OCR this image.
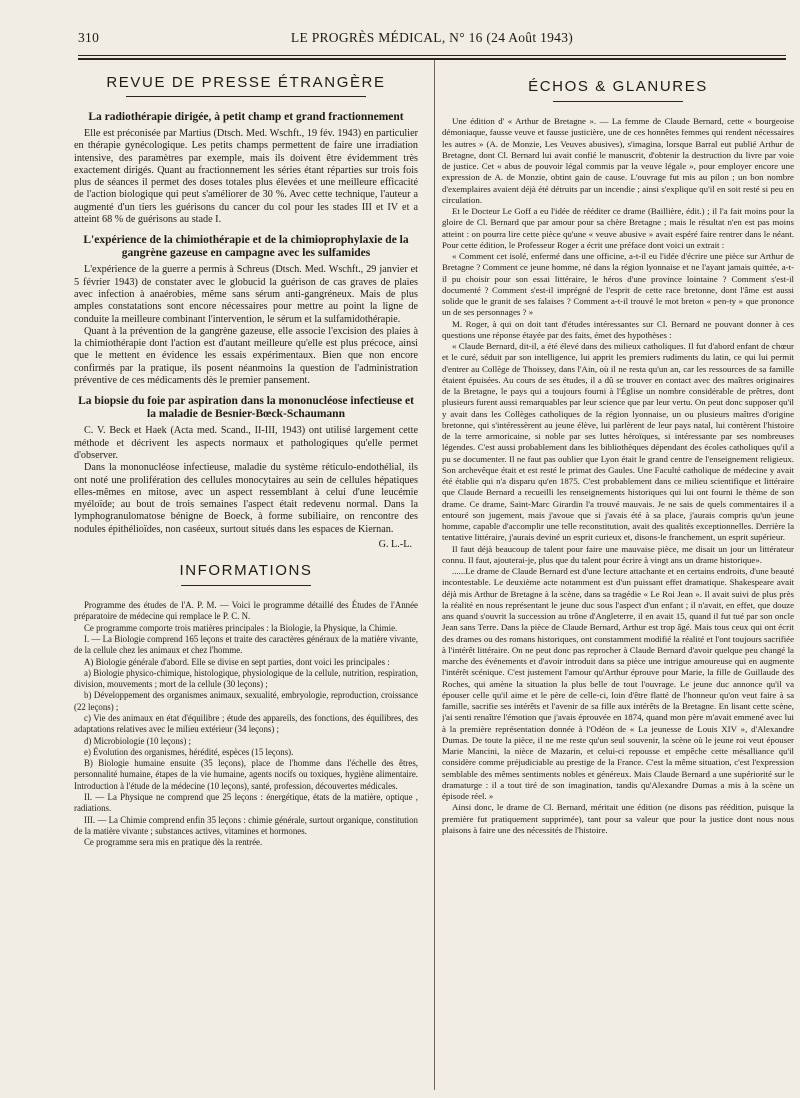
310	LE PROGRÈS MÉDICAL, N° 16 (24 Août 1943)
REVUE DE PRESSE ÉTRANGÈRE
La radiothérapie dirigée, à petit champ et grand fractionnement

Elle est préconisée par Martius (Dtsch. Med. Wschft., 19 fév. 1943) en particulier en thérapie gynécologique. Les petits champs permettent de faire une irradiation intensive, des paramètres par exemple, mais ils doivent être évidemment très exactement dirigés. Quant au fractionnement les séries étant réparties sur trois fois plus de séances il permet des doses totales plus élevées et une meilleure efficacité de l'action biologique qui peut s'améliorer de 30 %. Avec cette technique, l'auteur a augmenté d'un tiers les guérisons du cancer du col pour les stades III et IV et a atteint 68 % de guérisons au stade I.

L'expérience de la chimiothérapie et de la chimioprophylaxie de la gangrène gazeuse en campagne avec les sulfamides

L'expérience de la guerre a permis à Schreus (Dtsch. Med. Wschft., 29 janvier et 5 février 1943) de constater avec le globucid la guérison de cas graves de plaies avec infection à anaérobies, même sans sérum anti-gangréneux. Mais de plus amples constatations sont encore nécessaires pour mettre au point la ligne de conduite la meilleure combinant l'intervention, le sérum et la sulfamidothérapie.

Quant à la prévention de la gangrène gazeuse, elle associe l'excision des plaies à la chimiothérapie dont l'action est d'autant meilleure qu'elle est plus précoce, ainsi que le mettent en évidence les essais expérimentaux. Bien que non encore confirmés par la pratique, ils posent néanmoins la question de l'administration préventive de ces médicaments dès le premier pansement.

La biopsie du foie par aspiration dans la mononucléose infectieuse et la maladie de Besnier-Bœck-Schaumann

C. V. Beck et Haek (Acta med. Scand., II-III, 1943) ont utilisé largement cette méthode et décrivent les aspects normaux et pathologiques qu'elle permet d'observer.

Dans la mononucléose infectieuse, maladie du système réticulo-endothélial, ils ont noté une prolifération des cellules monocytaires au sein de cellules hépatiques elles-mêmes en mitose, avec un aspect ressemblant à celui d'une leucémie myéloïde; au bout de trois semaines l'aspect était redevenu normal. Dans la lymphogranulomatose bénigne de Boeck, à forme subiliaire, on rencontre des nodules épithélioïdes, non caséeux, surtout situés dans les espaces de Kiernan.

G. L.-L.
INFORMATIONS

Programme des études de l'A. P. M. — Voici le programme détaillé des Études de l'Année préparatoire de médecine qui remplace le P. C. N.

Ce programme comporte trois matières principales : la Biologie, la Physique, la Chimie.

I. — La Biologie comprend 165 leçons et traite des caractères généraux de la matière vivante, de la cellule chez les animaux et chez l'homme.

A) Biologie générale d'abord. Elle se divise en sept parties, dont voici les principales :

a) Biologie physico-chimique, histologique, physiologique de la cellule, nutrition, respiration, division, mouvements ; mort de la cellule (30 leçons) ;

b) Développement des organismes animaux, sexualité, embryologie, reproduction, croissance (22 leçons) ;

c) Vie des animaux en état d'équilibre ; étude des appareils, des fonctions, des équilibres, des adaptations relatives avec le milieu extérieur (34 leçons) ;

d) Microbiologie (10 leçons) ;

e) Évolution des organismes, hérédité, espèces (15 leçons).

B) Biologie humaine ensuite (35 leçons), place de l'homme dans l'échelle des êtres, personnalité humaine, étapes de la vie humaine, agents nocifs ou toxiques, hygiène alimentaire. Introduction à l'étude de la médecine (10 leçons), santé, profession, découvertes médicales.

II. — La Physique ne comprend que 25 leçons : énergétique, états de la matière, optique , radiations.

III. — La Chimie comprend enfin 35 leçons : chimie générale, surtout organique, constitution de la matière vivante ; substances actives, vitamines et hormones.

Ce programme sera mis en pratique dès la rentrée.

ÉCHOS & GLANURES

Une édition d' « Arthur de Bretagne ». — La femme de Claude Bernard, cette « bourgeoise démoniaque, fausse veuve et fausse justicière, une de ces honnêtes femmes qui rendent nécessaires les autres » (A. de Monzie, Les Veuves abusives), s'imagina, lorsque Barral eut publié Arthur de Bretagne, dont Cl. Bernard lui avait confié le manuscrit, d'obtenir la destruction du livre par voie de justice. Cet « abus de pouvoir légal commis par la veuve légale », pour employer encore une expression de A. de Monzie, obtint gain de cause. L'ouvrage fut mis au pilon ; un bon nombre d'exemplaires avaient déjà été détruits par un incendie ; ainsi s'explique qu'il en soit resté si peu en circulation.

Et le Docteur Le Goff a eu l'idée de rééditer ce drame (Baillière, édit.) ; il l'a fait moins pour la gloire de Cl. Bernard que par amour pour sa chère Bretagne ; mais le résultat n'en est pas moins atteint : on pourra lire cette pièce qu'une « veuve abusive » avait espéré faire rentrer dans le néant. Pour cette édition, le Professeur Roger a écrit une préface dont voici un extrait :

« Comment cet isolé, enfermé dans une officine, a-t-il eu l'idée d'écrire une pièce sur Arthur de Bretagne ? Comment ce jeune homme, né dans la région lyonnaise et ne l'ayant jamais quittée, a-t-il pu choisir pour son essai littéraire, le héros d'une province lointaine ? Comment s'est-il documenté ? Comment s'est-il imprégné de l'esprit de cette race bretonne, dont l'âme est aussi solide que le granit de ses falaises ? Comment a-t-il trouvé le mot breton « pen-ty » que prononce un de ses personnages ? »

M. Roger, à qui on doit tant d'études intéressantes sur Cl. Bernard ne pouvant donner à ces questions une réponse étayée par des faits, émet des hypothèses :

« Claude Bernard, dit-il, a été élevé dans des milieux catholiques. Il fut d'abord enfant de chœur et le curé, séduit par son intelligence, lui apprit les premiers rudiments du latin, ce qui lui permit d'entrer au Collège de Thoissey, dans l'Ain, où il ne resta qu'un an, car les ressources de sa famille étaient épuisées. Au cours de ses études, il a dû se trouver en contact avec des maîtres originaires de la Bretagne, le pays qui a toujours fourni à l'Église un nombre considérable de prêtres, dont plusieurs furent aussi remarquables par leur science que par leur vertu. On peut donc supposer qu'il y avait dans les Collèges catholiques de la région lyonnaise, un ou plusieurs maîtres d'origine bretonne, qui s'intéressèrent au jeune élève, lui parlèrent de leur pays natal, lui contèrent l'histoire de la terre armoricaine, si noble par ses luttes héroïques, si intéressante par ses nombreuses légendes. C'est aussi probablement dans les bibliothèques dépendant des écoles catholiques qu'il a pu se documenter. Il ne faut pas oublier que Lyon était le grand centre de l'enseignement religieux. Son archevêque était et est resté le primat des Gaules. Une Faculté catholique de médecine y avait été établie qui n'a disparu qu'en 1875. C'est probablement dans ce milieu scientifique et littéraire que Claude Bernard a recueilli les renseignements historiques qui lui ont fourni le thème de son drame. Ce drame, Saint-Marc Girardin l'a trouvé mauvais. Je ne sais de quels commentaires il a entouré son jugement, mais j'avoue que si j'avais été à sa place, j'aurais compris qu'un jeune homme, capable d'accomplir une telle reconstitution, avait des qualités exceptionnelles. Derrière la tentative littéraire, j'aurais deviné un esprit curieux et, disons-le franchement, un esprit supérieur.

Il faut déjà beaucoup de talent pour faire une mauvaise pièce, me disait un jour un littérateur connu. Il faut, ajouterai-je, plus que du talent pour écrire à vingt ans un drame historique».

......Le drame de Claude Bernard est d'une lecture attachante et en certains endroits, d'une beauté incontestable. Le deuxième acte notamment est d'un puissant effet dramatique. Shakespeare avait déjà mis Arthur de Bretagne à la scène, dans sa tragédie « Le Roi Jean ». Il avait suivi de plus près la réalité en nous représentant le jeune duc sous l'aspect d'un enfant ; il n'avait, en effet, que douze ans quand s'ouvrit la succession au trône d'Angleterre, il en avait 15, quand il fut tué par son oncle Jean sans Terre. Dans la pièce de Claude Bernard, Arthur est trop âgé. Mais tous ceux qui ont écrit des drames ou des romans historiques, ont constamment modifié la réalité et l'ont toujours sacrifiée à l'intérêt littéraire. On ne peut donc pas reprocher à Claude Bernard d'avoir quelque peu changé la marche des événements et d'avoir introduit dans sa pièce une intrigue amoureuse qui en augmente l'intérêt scénique. C'est justement l'amour qu'Arthur éprouve pour Marie, la fille de Guillaude des Roches, qui amène la situation la plus belle de tout l'ouvrage. Le jeune duc annonce qu'il va épouser celle qu'il aime et le père de celle-ci, loin d'être flatté de l'honneur qu'on veut faire à sa famille, sacrifie ses intérêts et l'avenir de sa fille aux intérêts de la Bretagne. En lisant cette scène, j'ai senti renaître l'émotion que j'avais éprouvée en 1874, quand mon père m'avait emmené avec lui à la première représentation donnée à l'Odéon de « La jeunesse de Louis XIV », d'Alexandre Dumas. De toute la pièce, il ne me reste qu'un seul souvenir, la scène où le jeune roi veut épouser Marie Mancini, la nièce de Mazarin, et celui-ci repousse et empêche cette mésalliance qu'il considère comme préjudiciable au prestige de la France. C'est la même situation, c'est l'expression semblable des mêmes sentiments nobles et généreux. Mais Claude Bernard a une supériorité sur le dramaturge : il a tout tiré de son imagination, tandis qu'Alexandre Dumas a mis à la scène un épisode réel. »

Ainsi donc, le drame de Cl. Bernard, méritait une édition (ne disons pas réédition, puisque la première fut pratiquement supprimée), tant pour sa valeur que pour la justice dont nous nous plaisons à faire une des nécessités de l'histoire.
